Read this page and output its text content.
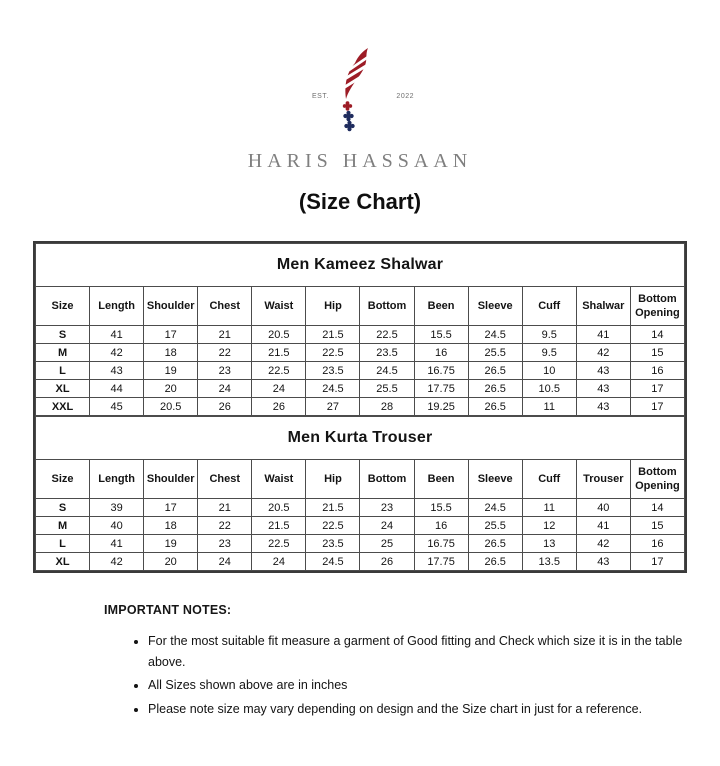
EST.	2022
HARIS HASSAAN
(Size Chart)
Men Kameez Shalwar											
Size	Length	Shoulder	Chest	Waist	Hip	Bottom	Been	Sleeve	Cuff	Shalwar	Bottom Opening
S	41	17	21	20.5	21.5	22.5	15.5	24.5	9.5	41	14
M	42	18	22	21.5	22.5	23.5	16	25.5	9.5	42	15
L	43	19	23	22.5	23.5	24.5	16.75	26.5	10	43	16
XL	44	20	24	24	24.5	25.5	17.75	26.5	10.5	43	17
XXL	45	20.5	26	26	27	28	19.25	26.5	11	43	17
Men Kurta Trouser											
Size	Length	Shoulder	Chest	Waist	Hip	Bottom	Been	Sleeve	Cuff	Trouser	Bottom Opening
S	39	17	21	20.5	21.5	23	15.5	24.5	11	40	14
M	40	18	22	21.5	22.5	24	16	25.5	12	41	15
L	41	19	23	22.5	23.5	25	16.75	26.5	13	42	16
XL	42	20	24	24	24.5	26	17.75	26.5	13.5	43	17
IMPORTANT NOTES:
• For the most suitable fit measure a garment of Good fitting and Check which size it is in the table above.
• All Sizes shown above are in inches
• Please note size may vary depending on design and the Size chart in just for a reference.
